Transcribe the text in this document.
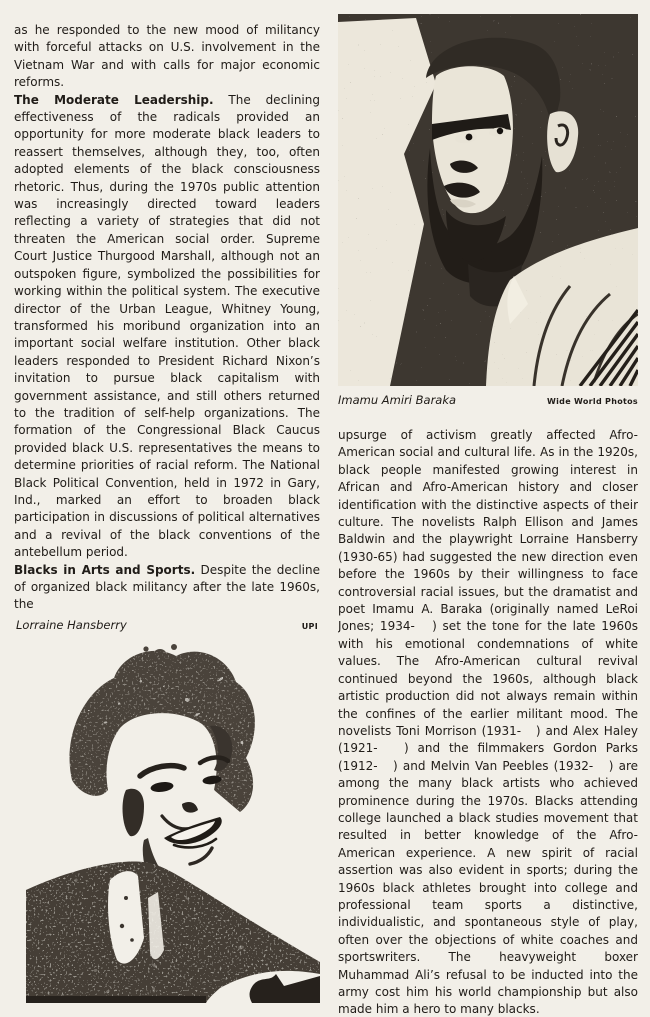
as he responded to the new mood of militancy with forceful attacks on U.S. involvement in the Vietnam War and with calls for major economic reforms.

The Moderate Leadership. The declining effectiveness of the radicals provided an opportunity for more moderate black leaders to reassert themselves, although they, too, often adopted elements of the black consciousness rhetoric. Thus, during the 1970s public attention was increasingly directed toward leaders reflecting a variety of strategies that did not threaten the American social order. Supreme Court Justice Thurgood Marshall, although not an outspoken figure, symbolized the possibilities for working within the political system. The executive director of the Urban League, Whitney Young, transformed his moribund organization into an important social welfare institution. Other black leaders responded to President Richard Nixon’s invitation to pursue black capitalism with government assistance, and still others returned to the tradition of self-help organizations. The formation of the Congressional Black Caucus provided black U.S. representatives the means to determine priorities of racial reform. The National Black Political Convention, held in 1972 in Gary, Ind., marked an effort to broaden black participation in discussions of political alternatives and a revival of the black conventions of the antebellum period.

Blacks in Arts and Sports. Despite the decline of organized black militancy after the late 1960s, the

Lorraine Hansberry	UPI
Imamu Amiri Baraka	Wide World Photos

upsurge of activism greatly affected Afro-American social and cultural life. As in the 1920s, black people manifested growing interest in African and Afro-American history and closer identification with the distinctive aspects of their culture. The novelists Ralph Ellison and James Baldwin and the playwright Lorraine Hansberry (1930-65) had suggested the new direction even before the 1960s by their willingness to face controversial racial issues, but the dramatist and poet Imamu A. Baraka (originally named LeRoi Jones; 1934-   ) set the tone for the late 1960s with his emotional condemnations of white values. The Afro-American cultural revival continued beyond the 1960s, although black artistic production did not always remain within the confines of the earlier militant mood. The novelists Toni Morrison (1931-   ) and Alex Haley (1921-   ) and the filmmakers Gordon Parks (1912-   ) and Melvin Van Peebles (1932-   ) are among the many black artists who achieved prominence during the 1970s. Blacks attending college launched a black studies movement that resulted in better knowledge of the Afro-American experience. A new spirit of racial assertion was also evident in sports; during the 1960s black athletes brought into college and professional team sports a distinctive, individualistic, and spontaneous style of play, often over the objections of white coaches and sportswriters. The heavyweight boxer Muhammad Ali’s refusal to be inducted into the army cost him his world championship but also made him a hero to many blacks.
